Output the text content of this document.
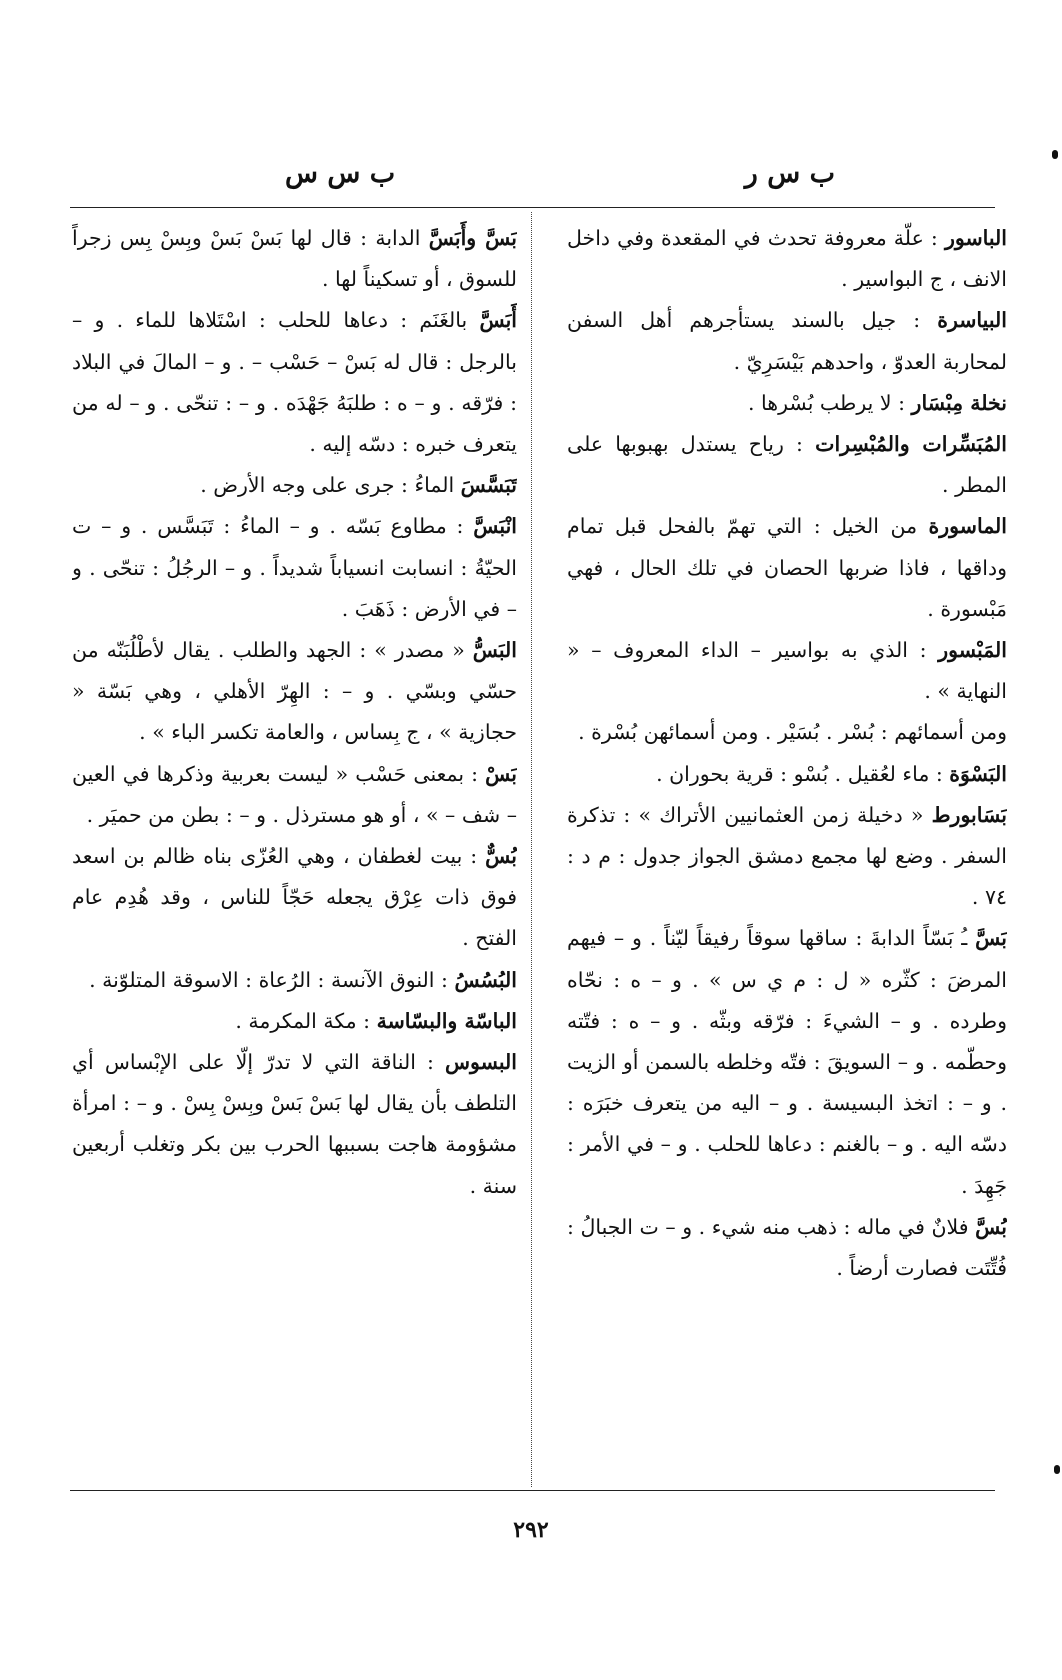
ب س ر
ب س س

الباسور : علّة معروفة تحدث في المقعدة وفي داخل الانف ، ج البواسير .

البياسرة : جيل بالسند يستأجرهم أهل السفن لمحاربة العدوّ ، واحدهم بَيْسَرِيّ .

نخلة مِبْسَار : لا يرطب بُسْرها .

المُبَسِّرات والمُبْسِرات : رياح يستدل بهبوبها على المطر .

الماسورة من الخيل : التي تهمّ بالفحل قبل تمام وداقها ، فاذا ضربها الحصان في تلك الحال ، فهي مَبْسورة .

المَبْسور : الذي به بواسير – الداء المعروف – « النهاية » .

ومن أسمائهم : بُسْر . بُسَيْر . ومن أسمائهن بُسْرة .

البَسْوَة : ماء لعُقيل . بُسْو : قرية بحوران .

بَسَابورط « دخيلة زمن العثمانيين الأتراك » : تذكرة السفر . وضع لها مجمع دمشق الجواز جدول : م د : ٧٤ .

بَسَّ ـُ بَسّاً الدابةَ : ساقها سوقاً رفيقاً ليّناً . و – فيهم المرضَ : كثّره « ل : م ي س » . و – ه : نحّاه وطرده . و – الشيءَ : فرّقه وبثّه . و – ه : فتّته وحطّمه . و – السويقَ : فتّه وخلطه بالسمن أو الزيت . و – : اتخذ البسيسة . و – اليه من يتعرف خبَرَه : دسّه اليه . و – بالغنم : دعاها للحلب . و – في الأمر : جَهِدَ .

بُسَّ فلانٌ في ماله : ذهب منه شيء . و – ت الجبالُ : فُتِّتَت فصارت أرضاً .

بَسَّ وأَبَسَّ الدابة : قال لها بَسْ بَسْ وبِسْ بِس زجراً للسوق ، أو تسكيناً لها .

أَبَسَّ بالغَنَم : دعاها للحلب : اسْتَلاها للماء . و – بالرجل : قال له بَسْ – حَسْب – . و – المالَ في البلاد : فرّقه . و – ه : طلبَهُ جَهْدَه . و – : تنحّى . و – له من يتعرف خبره : دسّه إليه .

تَبَسَّسَ الماءُ : جرى على وجه الأرض .

انْبَسَّ : مطاوع بَسّه . و – الماءُ : تَبَسَّس . و – ت الحيّةُ : انسابت انسياباً شديداً . و – الرجُلُ : تنحّى . و – في الأرض : ذَهَبَ .

البَسُّ « مصدر » : الجهد والطلب . يقال لأطْلُبَنّه من حسّي وبسّي . و – : الهِرّ الأهلي ، وهي بَسّة « حجازية » ، ج بِساس ، والعامة تكسر الباء » .

بَسْ : بمعنى حَسْب « ليست بعربية وذكرها في العين – شف – » ، أو هو مسترذل . و – : بطن من حميَر .

بُسٌّ : بيت لغطفان ، وهي العُزّى بناه ظالم بن اسعد فوق ذات عِرْق يجعله حَجّاً للناس ، وقد هُدِم عام الفتح .

البُسُسُ : النوق الآنسة : الرُعاة : الاسوقة المتلوّنة .

الباسّة والبسّاسة : مكة المكرمة .

البسوس : الناقة التي لا تدرّ إلّا على الإبْساس أي التلطف بأن يقال لها بَسْ بَسْ وبِسْ بِسْ . و – : امرأة مشؤومة هاجت بسببها الحرب بين بكر وتغلب أربعين سنة .

٢٩٢
